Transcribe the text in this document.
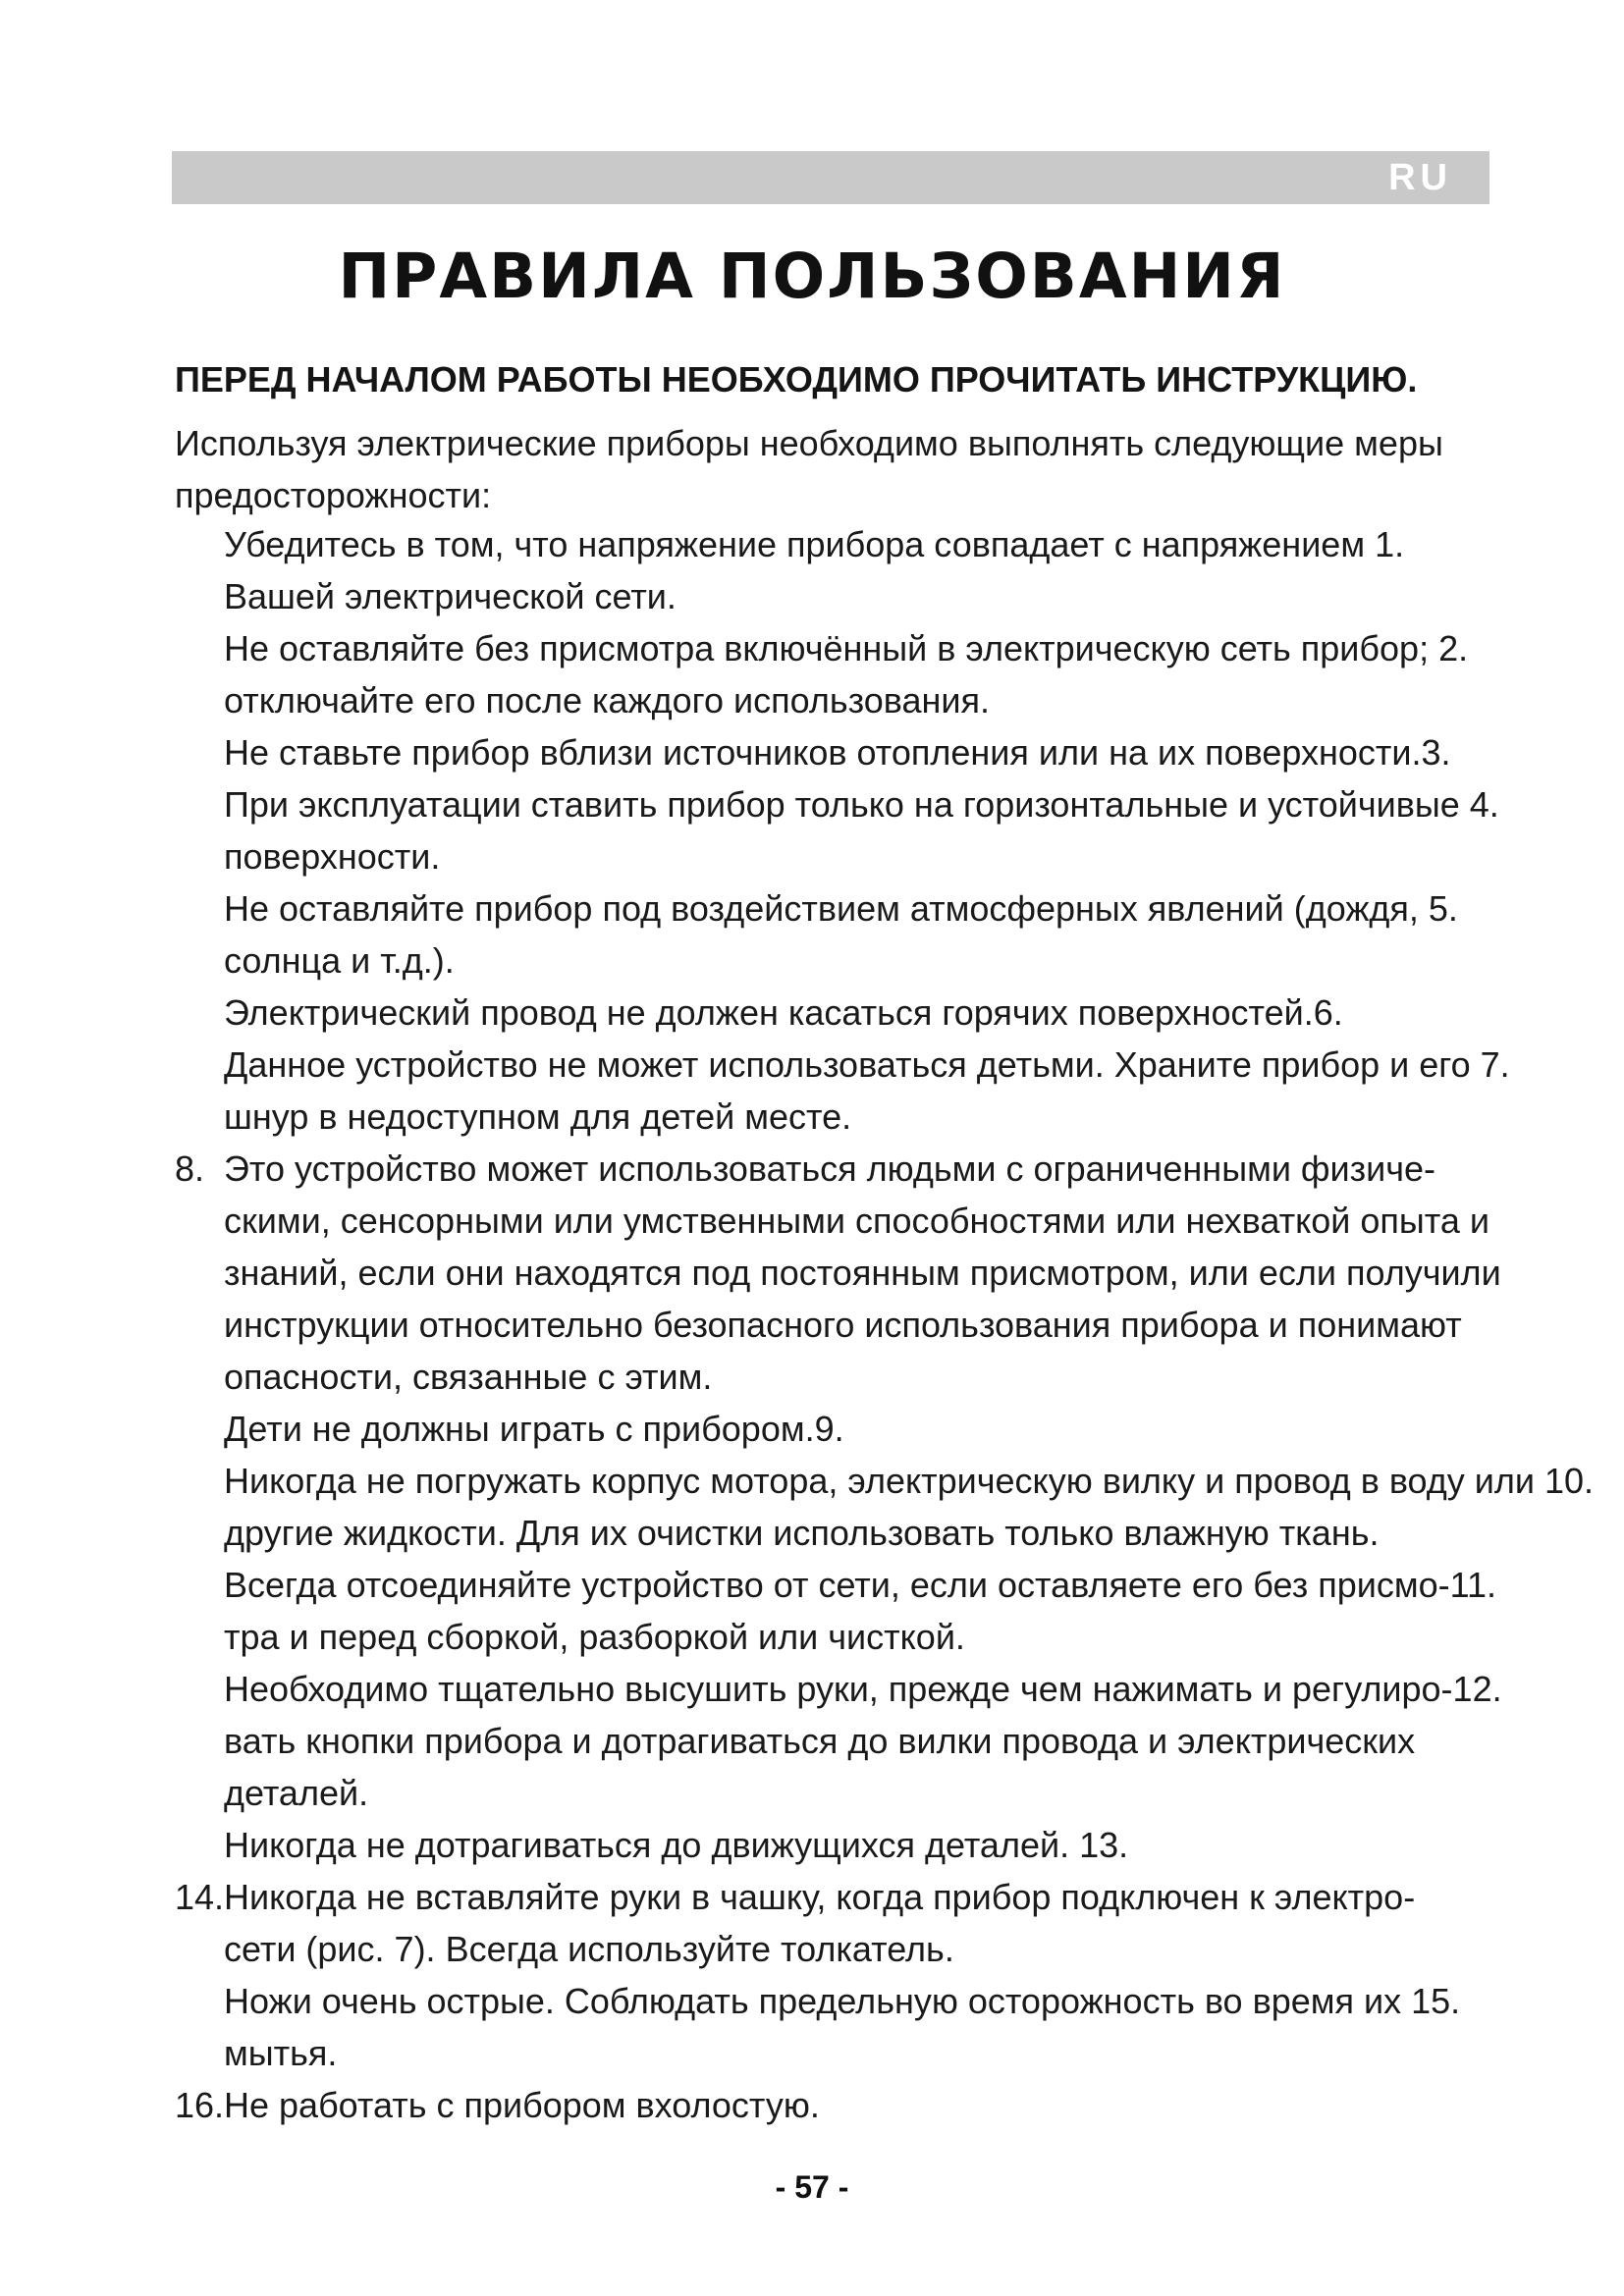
RU
ПРАВИЛА ПОЛЬЗОВАНИЯ
ПЕРЕД НАЧАЛОМ РАБОТЫ НЕОБХОДИМО ПРОЧИТАТЬ ИНСТРУКЦИЮ.
Используя электрические приборы необходимо выполнять следующие меры
предосторожности:
Убедитесь в том, что напряжение прибора совпадает с напряжением 1.
Вашей электрической сети.
Не оставляйте без присмотра включённый в электрическую сеть прибор; 2.
отключайте его после каждого использования.
Не ставьте прибор вблизи источников отопления или на их поверхности.3.
При эксплуатации ставить прибор только на горизонтальные и устойчивые 4.
поверхности.
Не оставляйте прибор под воздействием атмосферных явлений (дождя, 5.
солнца и т.д.).
Электрический провод не должен касаться горячих поверхностей.6.
Данное устройство не может использоваться детьми. Храните прибор и его 7.
шнур в недоступном для детей месте.
8. Это устройство может использоваться людьми с ограниченными физиче-
скими, сенсорными или умственными способностями или нехваткой опыта и
знаний, если они находятся под постоянным присмотром, или если получили
инструкции относительно безопасного использования прибора и понимают
опасности, связанные с этим.
Дети не должны играть с прибором.9.
Никогда не погружать корпус мотора, электрическую вилку и провод в воду или 10.
другие жидкости. Для их очистки использовать только влажную ткань.
Всегда отсоединяйте устройство от сети, если оставляете его без присмо-11.
тра и перед сборкой, разборкой или чисткой.
Необходимо тщательно высушить руки, прежде чем нажимать и регулиро-12.
вать кнопки прибора и дотрагиваться до вилки провода и электрических
деталей.
Никогда не дотрагиваться до движущихся деталей. 13.
14. Никогда не вставляйте руки в чашку, когда прибор подключен к электро-
сети (рис. 7). Всегда используйте толкатель.
Ножи очень острые. Соблюдать предельную осторожность во время их 15.
мытья.
16. Не работать с прибором вхолостую.
- 57 -
